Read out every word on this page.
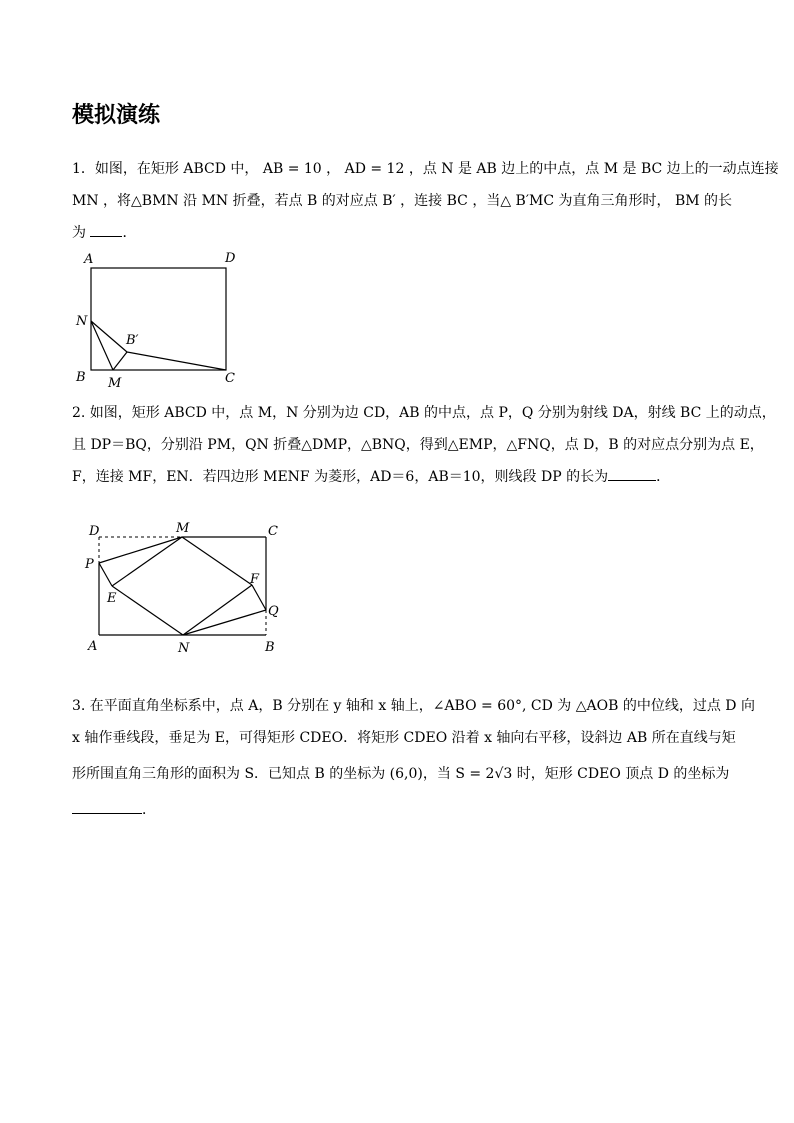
模拟演练
1．如图，在矩形 ABCD 中， AB = 10 ， AD = 12 ，点 N 是 AB 边上的中点，点 M 是 BC 边上的一动点连接
MN ，将△BMN 沿 MN 折叠，若点 B 的对应点 B′ ，连接 BC ，当△ B′MC 为直角三角形时， BM 的长
为	．
A	D
N
B′
B M	C
2. 如图，矩形 ABCD 中，点 M，N 分别为边 CD，AB 的中点，点 P，Q 分别为射线 DA，射线 BC 上的动点，
且 DP＝BQ，分别沿 PM，QN 折叠△DMP，△BNQ，得到△EMP，△FNQ，点 D，B 的对应点分别为点 E，
F，连接 MF，EN．若四边形 MENF 为菱形，AD＝6，AB＝10，则线段 DP 的长为	．
D	M	C
P
F
E
Q
A	N	B
3. 在平面直角坐标系中，点 A，B 分别在 y 轴和 x 轴上，∠ABO = 60°, CD 为 △AOB 的中位线，过点 D 向
x 轴作垂线段，垂足为 E，可得矩形 CDEO．将矩形 CDEO 沿着 x 轴向右平移，设斜边 AB 所在直线与矩
形所围直角三角形的面积为 S．已知点 B 的坐标为 (6,0)，当 S = 2√3 时，矩形 CDEO 顶点 D 的坐标为
．
